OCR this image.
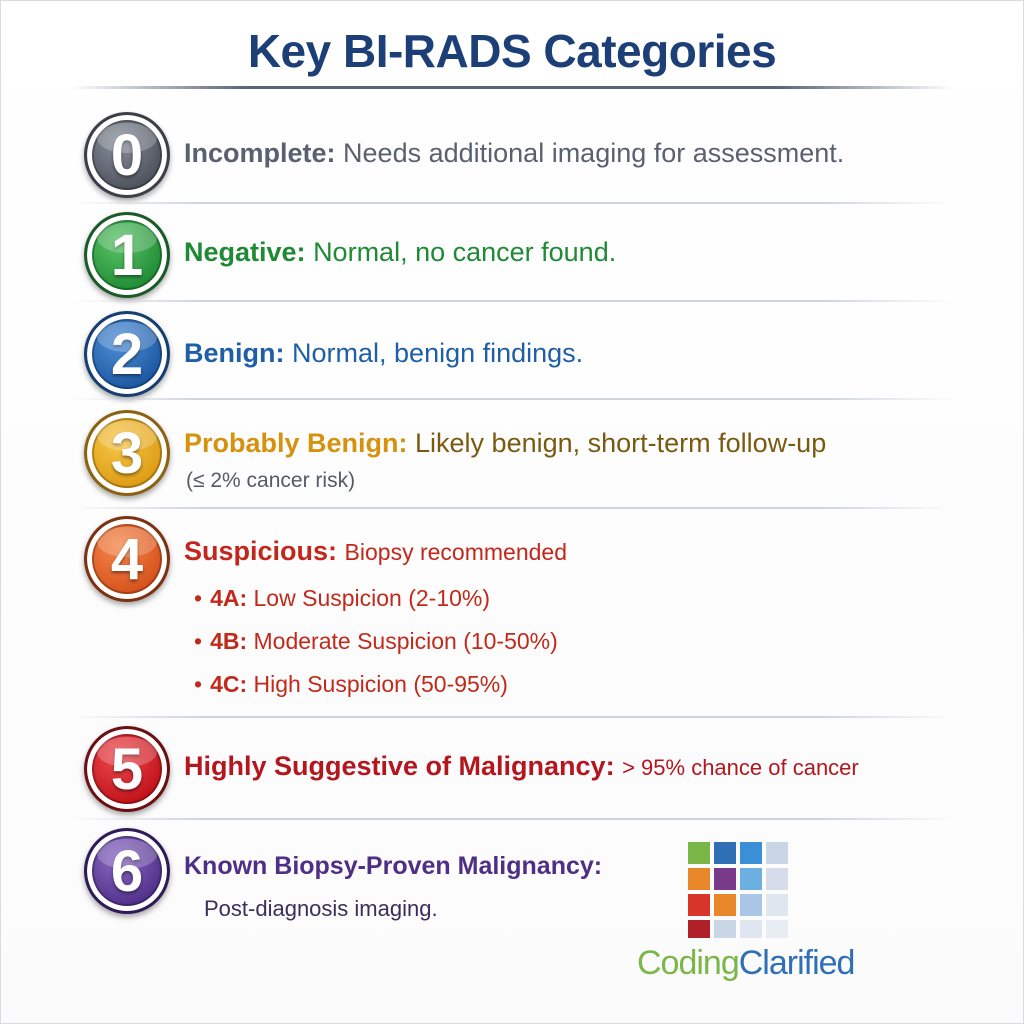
Key BI-RADS Categories
0 Incomplete: Needs additional imaging for assessment.
1 Negative: Normal, no cancer found.
2 Benign: Normal, benign findings.
3 Probably Benign: Likely benign, short-term follow-up
(≤ 2% cancer risk)
4 Suspicious: Biopsy recommended
• 4A: Low Suspicion (2-10%)
• 4B: Moderate Suspicion (10-50%)
• 4C: High Suspicion (50-95%)
5 Highly Suggestive of Malignancy: > 95% chance of cancer
6 Known Biopsy-Proven Malignancy:
Post-diagnosis imaging.
CodingClarified
